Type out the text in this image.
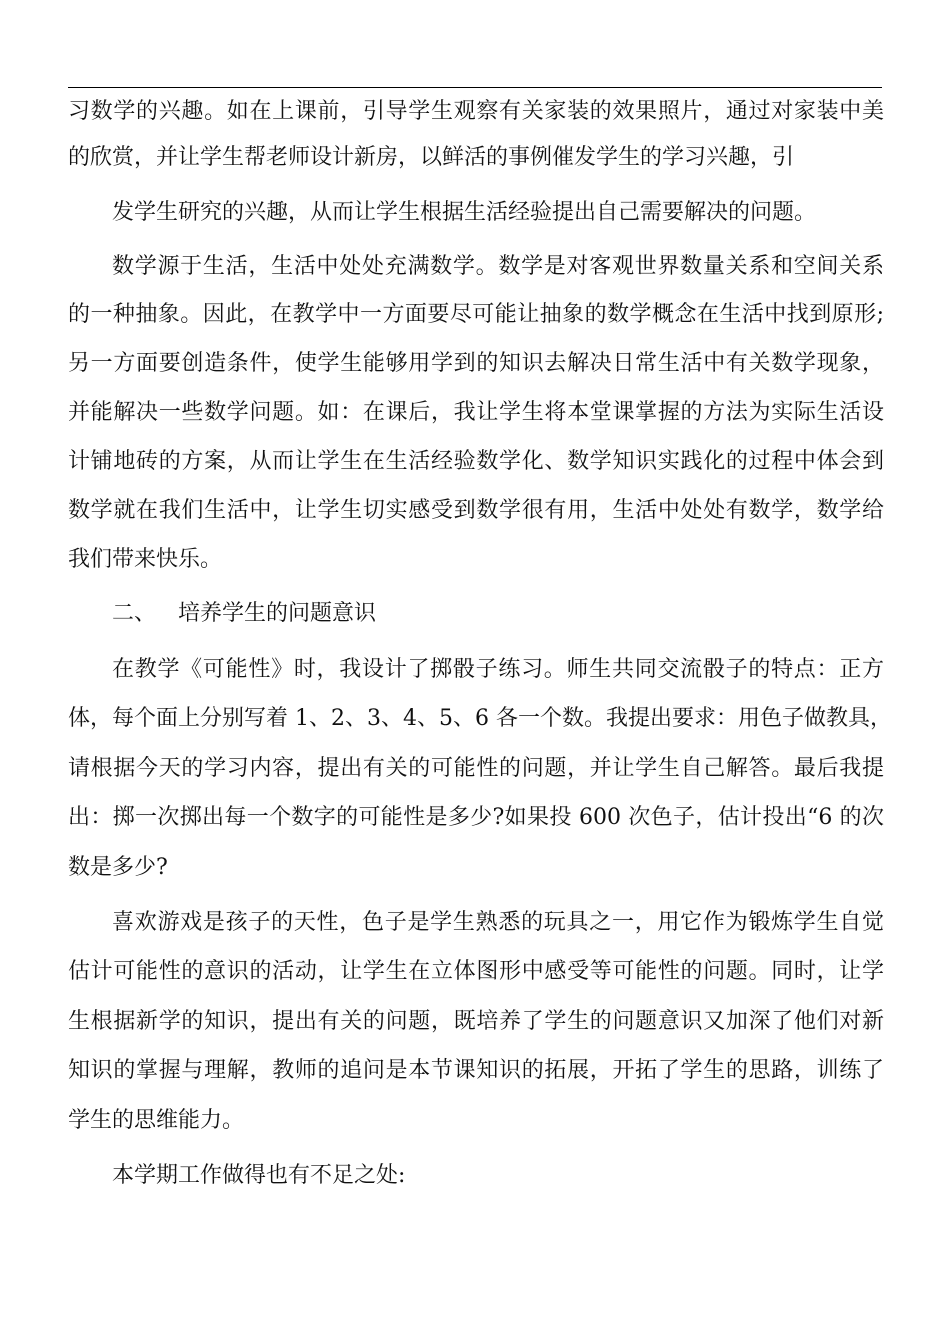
习数学的兴趣。如在上课前，引导学生观察有关家装的效果照片，通过对家装中美
的欣赏，并让学生帮老师设计新房，以鲜活的事例催发学生的学习兴趣，引
发学生研究的兴趣，从而让学生根据生活经验提出自己需要解决的问题。
数学源于生活，生活中处处充满数学。数学是对客观世界数量关系和空间关系
的一种抽象。因此，在教学中一方面要尽可能让抽象的数学概念在生活中找到原形;
另一方面要创造条件，使学生能够用学到的知识去解决日常生活中有关数学现象，
并能解决一些数学问题。如：在课后，我让学生将本堂课掌握的方法为实际生活设
计铺地砖的方案，从而让学生在生活经验数学化、数学知识实践化的过程中体会到
数学就在我们生活中，让学生切实感受到数学很有用，生活中处处有数学，数学给
我们带来快乐。
二、 培养学生的问题意识
在教学《可能性》时，我设计了掷骰子练习。师生共同交流骰子的特点：正方
体，每个面上分别写着 1、2、3、4、5、6 各一个数。我提出要求：用色子做教具，
请根据今天的学习内容，提出有关的可能性的问题，并让学生自己解答。最后我提
出：掷一次掷出每一个数字的可能性是多少?如果投 600 次色子，估计投出“6 的次
数是多少?
喜欢游戏是孩子的天性，色子是学生熟悉的玩具之一，用它作为锻炼学生自觉
估计可能性的意识的活动，让学生在立体图形中感受等可能性的问题。同时，让学
生根据新学的知识，提出有关的问题，既培养了学生的问题意识又加深了他们对新
知识的掌握与理解，教师的追问是本节课知识的拓展，开拓了学生的思路，训练了
学生的思维能力。
本学期工作做得也有不足之处:
